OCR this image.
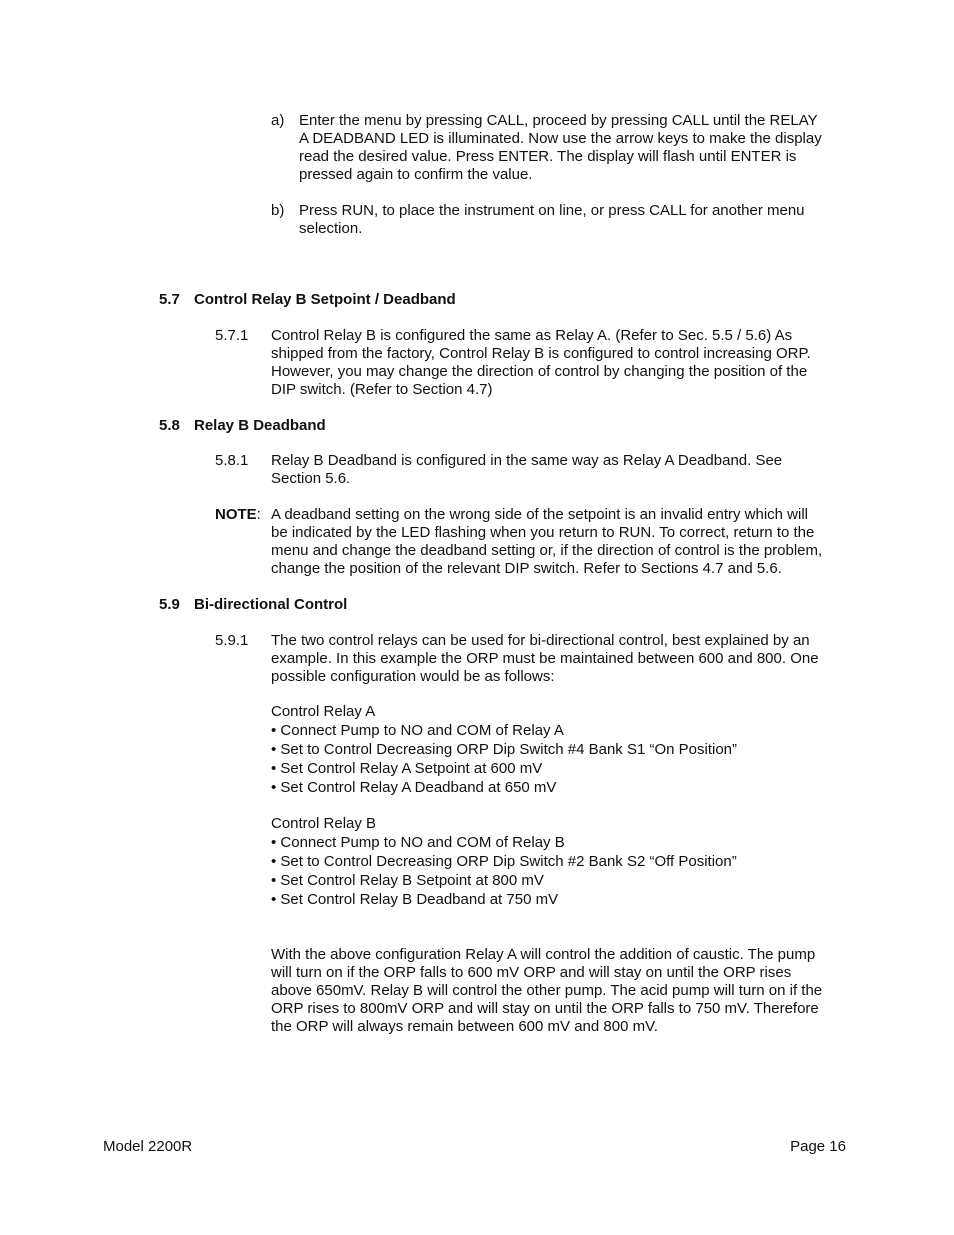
a) Enter the menu by pressing CALL, proceed by pressing CALL until the RELAY
A DEADBAND LED is illuminated. Now use the arrow keys to make the display
read the desired value. Press ENTER. The display will flash until ENTER is
pressed again to confirm the value.
b) Press RUN, to place the instrument on line, or press CALL for another menu
selection.
5.7 Control Relay B Setpoint / Deadband
5.7.1 Control Relay B is configured the same as Relay A. (Refer to Sec. 5.5 / 5.6) As
shipped from the factory, Control Relay B is configured to control increasing ORP.
However, you may change the direction of control by changing the position of the
DIP switch. (Refer to Section 4.7)
5.8 Relay B Deadband
5.8.1 Relay B Deadband is configured in the same way as Relay A Deadband. See
Section 5.6.
NOTE: A deadband setting on the wrong side of the setpoint is an invalid entry which will
be indicated by the LED flashing when you return to RUN. To correct, return to the
menu and change the deadband setting or, if the direction of control is the problem,
change the position of the relevant DIP switch. Refer to Sections 4.7 and 5.6.
5.9 Bi-directional Control
5.9.1 The two control relays can be used for bi-directional control, best explained by an
example. In this example the ORP must be maintained between 600 and 800. One
possible configuration would be as follows:
Control Relay A
• Connect Pump to NO and COM of Relay A
• Set to Control Decreasing ORP Dip Switch #4 Bank S1 “On Position”
• Set Control Relay A Setpoint at 600 mV
• Set Control Relay A Deadband at 650 mV
Control Relay B
• Connect Pump to NO and COM of Relay B
• Set to Control Decreasing ORP Dip Switch #2 Bank S2 “Off Position”
• Set Control Relay B Setpoint at 800 mV
• Set Control Relay B Deadband at 750 mV
With the above configuration Relay A will control the addition of caustic. The pump
will turn on if the ORP falls to 600 mV ORP and will stay on until the ORP rises
above 650mV. Relay B will control the other pump. The acid pump will turn on if the
ORP rises to 800mV ORP and will stay on until the ORP falls to 750 mV. Therefore
the ORP will always remain between 600 mV and 800 mV.
Model 2200R	Page 16
